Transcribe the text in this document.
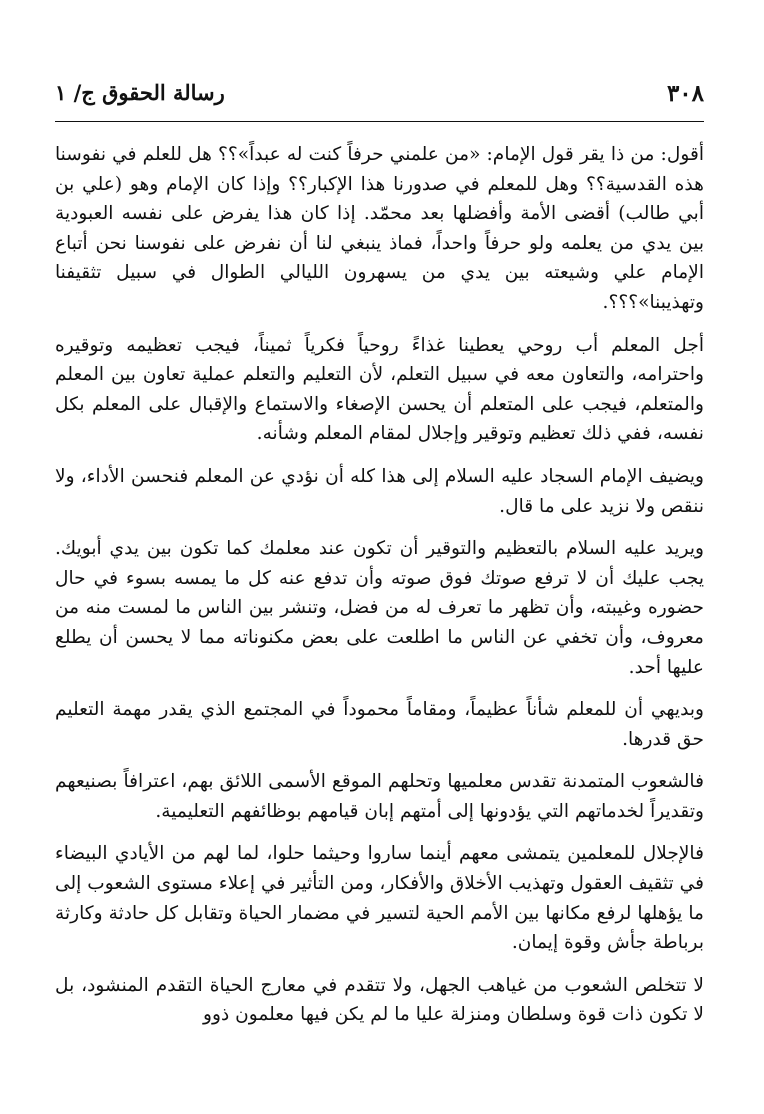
٣٠٨
رسالة الحقوق ج/ ١

أقول: من ذا يقر قول الإمام: «من علمني حرفاً كنت له عبداً»؟؟ هل للعلم في نفوسنا هذه القدسية؟؟ وهل للمعلم في صدورنا هذا الإكبار؟؟ وإذا كان الإمام وهو (علي بن أبي طالب) أقضى الأمة وأفضلها بعد محمّد. إذا كان هذا يفرض على نفسه العبودية بين يدي من يعلمه ولو حرفاً واحداً، فماذ ينبغي لنا أن نفرض على نفوسنا نحن أتباع الإمام علي وشيعته بين يدي من يسهرون الليالي الطوال في سبيل تثقيفنا وتهذيبنا»؟؟؟.

أجل المعلم أب روحي يعطينا غذاءً روحياً فكرياً ثميناً، فيجب تعظيمه وتوقيره واحترامه، والتعاون معه في سبيل التعلم، لأن التعليم والتعلم عملية تعاون بين المعلم والمتعلم، فيجب على المتعلم أن يحسن الإصغاء والاستماع والإقبال على المعلم بكل نفسه، ففي ذلك تعظيم وتوقير وإجلال لمقام المعلم وشأنه.

ويضيف الإمام السجاد عليه السلام إلى هذا كله أن نؤدي عن المعلم فنحسن الأداء، ولا ننقص ولا نزيد على ما قال.

ويريد عليه السلام بالتعظيم والتوقير أن تكون عند معلمك كما تكون بين يدي أبويك. يجب عليك أن لا ترفع صوتك فوق صوته وأن تدفع عنه كل ما يمسه بسوء في حال حضوره وغيبته، وأن تظهر ما تعرف له من فضل، وتنشر بين الناس ما لمست منه من معروف، وأن تخفي عن الناس ما اطلعت على بعض مكنوناته مما لا يحسن أن يطلع عليها أحد.

وبديهي أن للمعلم شأناً عظيماً، ومقاماً محموداً في المجتمع الذي يقدر مهمة التعليم حق قدرها.

فالشعوب المتمدنة تقدس معلميها وتحلهم الموقع الأسمى اللائق بهم، اعترافاً بصنيعهم وتقديراً لخدماتهم التي يؤدونها إلى أمتهم إبان قيامهم بوظائفهم التعليمية.

فالإجلال للمعلمين يتمشى معهم أينما ساروا وحيثما حلوا، لما لهم من الأيادي البيضاء في تثقيف العقول وتهذيب الأخلاق والأفكار، ومن التأثير في إعلاء مستوى الشعوب إلى ما يؤهلها لرفع مكانها بين الأمم الحية لتسير في مضمار الحياة وتقابل كل حادثة وكارثة برباطة جأش وقوة إيمان.

لا تتخلص الشعوب من غياهب الجهل، ولا تتقدم في معارج الحياة التقدم المنشود، بل لا تكون ذات قوة وسلطان ومنزلة عليا ما لم يكن فيها معلمون ذوو
